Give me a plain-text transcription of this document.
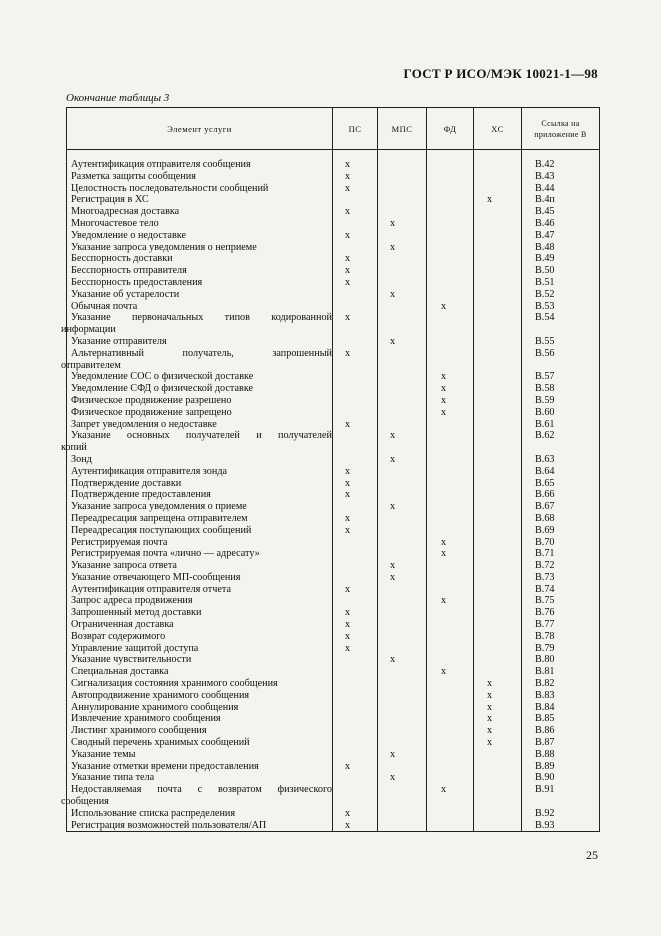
ГОСТ Р ИСО/МЭК 10021-1—98
Окончание таблицы 3
Элемент услуги	ПС	МПС	ФД	ХС	Ссылка на
приложение В

Аутентификация отправителя сообщения	x				B.42

Разметка защиты сообщения	x				B.43

Целостность последовательности сообщений	x				B.44

Регистрация в ХС				x	B.4п

Многоадресная доставка	x				B.45

Многочастевое тело		x			B.46

Уведомление о недоставке	x				B.47

Указание запроса уведомления о неприеме		x			B.48

Бесспорность доставки	x				B.49

Бесспорность отправителя	x				B.50

Бесспорность предоставления	x				B.51

Указание об устарелости		x			B.52

Обычная почта			x		B.53

Указание первоначальных типов кодированной
информации	x				B.54

Указание отправителя		x			B.55

Альтернативный получатель, запрошенный
отправителем	x				B.56

Уведомление СОС о физической доставке			x		B.57

Уведомление СФД о физической доставке			x		B.58

Физическое продвижение разрешено			x		B.59

Физическое продвижение запрещено			x		B.60

Запрет уведомления о недоставке	x				B.61

Указание основных получателей и получателей
копий		x			B.62

Зонд		x			B.63

Аутентификация отправителя зонда	x				B.64

Подтверждение доставки	x				B.65

Подтверждение предоставления	x				B.66

Указание запроса уведомления о приеме		x			B.67

Переадресация запрещена отправителем	x				B.68

Переадресация поступающих сообщений	x				B.69

Регистрируемая почта			x		B.70

Регистрируемая почта «лично — адресату»			x		B.71

Указание запроса ответа		x			B.72

Указание отвечающего МП-сообщения		x			B.73

Аутентификация отправителя отчета	x				B.74

Запрос адреса продвижения			x		B.75

Запрошенный метод доставки	x				B.76

Ограниченная доставка	x				B.77

Возврат содержимого	x				B.78

Управление защитой доступа	x				B.79

Указание чувствительности		x			B.80

Специальная доставка			x		B.81

Сигнализация состояния хранимого сообщения				x	B.82

Автопродвижение хранимого сообщения				x	B.83

Аннулирование хранимого сообщения				x	B.84

Извлечение хранимого сообщения				x	B.85

Листинг хранимого сообщения				x	B.86

Сводный перечень хранимых сообщений				x	B.87

Указание темы		x			B.88

Указание отметки времени предоставления	x				B.89

Указание типа тела		x			B.90

Недоставляемая почта с возвратом физического
сообщения			x		B.91

Использование списка распределения	x				B.92

Регистрация возможностей пользователя/АП	x				B.93
25
